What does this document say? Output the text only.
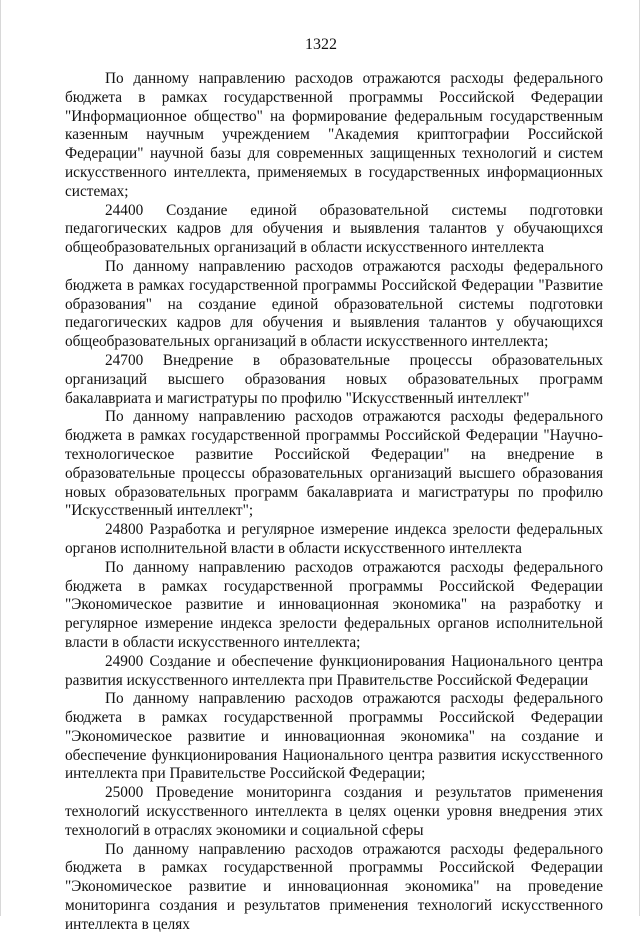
1322

По данному направлению расходов отражаются расходы федерального бюджета в рамках государственной программы Российской Федерации "Информационное общество" на формирование федеральным государственным казенным научным учреждением "Академия криптографии Российской Федерации" научной базы для современных защищенных технологий и систем искусственного интеллекта, применяемых в государственных информационных системах;

24400 Создание единой образовательной системы подготовки педагогических кадров для обучения и выявления талантов у обучающихся общеобразовательных организаций в области искусственного интеллекта

По данному направлению расходов отражаются расходы федерального бюджета в рамках государственной программы Российской Федерации "Развитие образования" на создание единой образовательной системы подготовки педагогических кадров для обучения и выявления талантов у обучающихся общеобразовательных организаций в области искусственного интеллекта;

24700 Внедрение в образовательные процессы образовательных организаций высшего образования новых образовательных программ бакалавриата и магистратуры по профилю "Искусственный интеллект"

По данному направлению расходов отражаются расходы федерального бюджета в рамках государственной программы Российской Федерации "Научно-технологическое развитие Российской Федерации" на внедрение в образовательные процессы образовательных организаций высшего образования новых образовательных программ бакалавриата и магистратуры по профилю "Искусственный интеллект";

24800 Разработка и регулярное измерение индекса зрелости федеральных органов исполнительной власти в области искусственного интеллекта

По данному направлению расходов отражаются расходы федерального бюджета в рамках государственной программы Российской Федерации "Экономическое развитие и инновационная экономика" на разработку и регулярное измерение индекса зрелости федеральных органов исполнительной власти в области искусственного интеллекта;

24900 Создание и обеспечение функционирования Национального центра развития искусственного интеллекта при Правительстве Российской Федерации

По данному направлению расходов отражаются расходы федерального бюджета в рамках государственной программы Российской Федерации "Экономическое развитие и инновационная экономика" на создание и обеспечение функционирования Национального центра развития искусственного интеллекта при Правительстве Российской Федерации;

25000 Проведение мониторинга создания и результатов применения технологий искусственного интеллекта в целях оценки уровня внедрения этих технологий в отраслях экономики и социальной сферы

По данному направлению расходов отражаются расходы федерального бюджета в рамках государственной программы Российской Федерации "Экономическое развитие и инновационная экономика" на проведение мониторинга создания и результатов применения технологий искусственного интеллекта в целях
